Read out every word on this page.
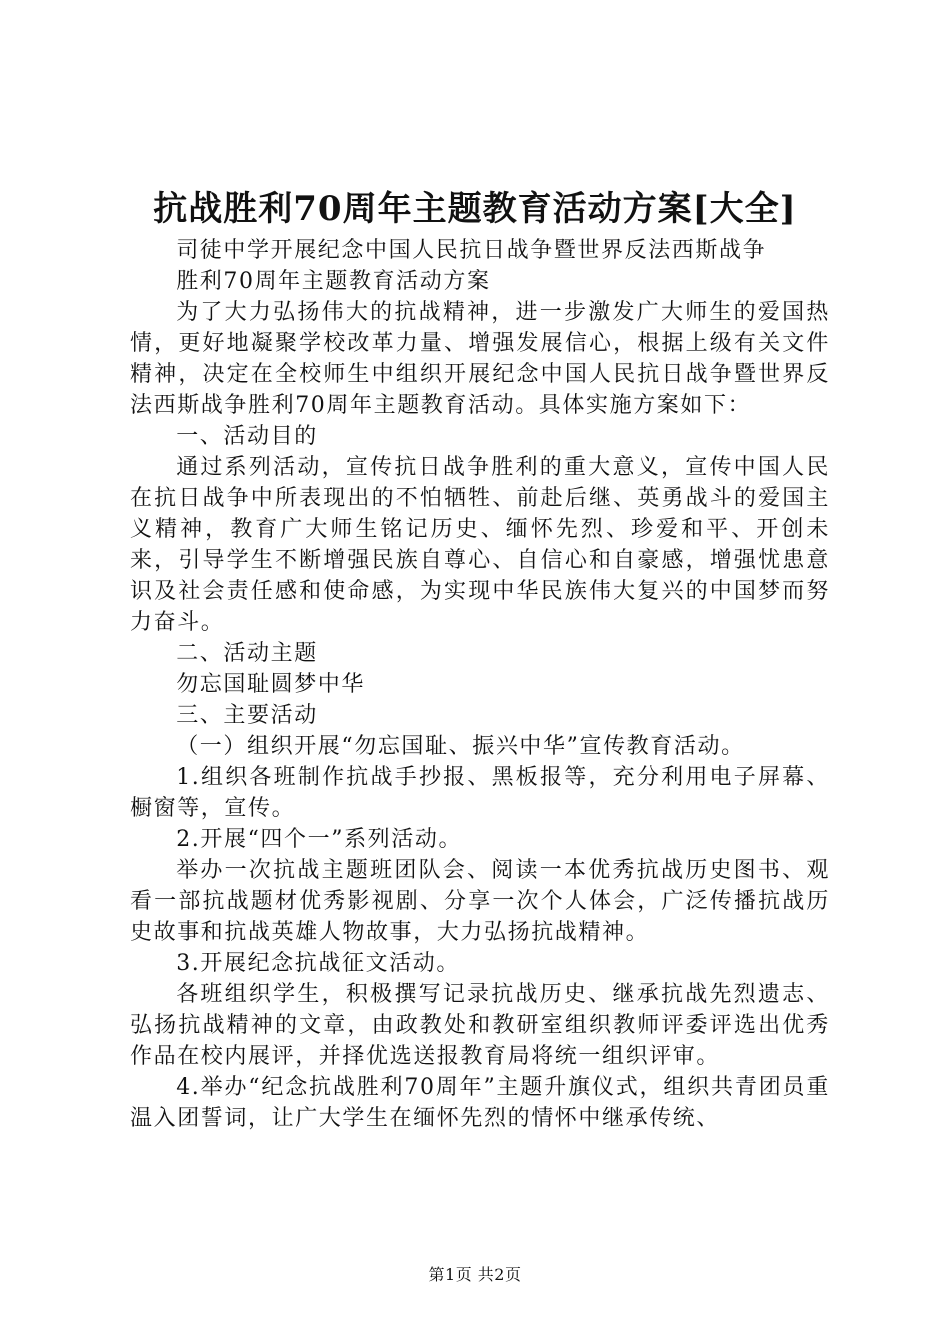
抗战胜利70周年主题教育活动方案[大全]

司徒中学开展纪念中国人民抗日战争暨世界反法西斯战争

胜利70周年主题教育活动方案

为了大力弘扬伟大的抗战精神，进一步激发广大师生的爱国热情，更好地凝聚学校改革力量、增强发展信心，根据上级有关文件精神，决定在全校师生中组织开展纪念中国人民抗日战争暨世界反法西斯战争胜利70周年主题教育活动。具体实施方案如下：

一、活动目的

通过系列活动，宣传抗日战争胜利的重大意义，宣传中国人民在抗日战争中所表现出的不怕牺牲、前赴后继、英勇战斗的爱国主义精神，教育广大师生铭记历史、缅怀先烈、珍爱和平、开创未来，引导学生不断增强民族自尊心、自信心和自豪感，增强忧患意识及社会责任感和使命感，为实现中华民族伟大复兴的中国梦而努力奋斗。

二、活动主题

勿忘国耻圆梦中华

三、主要活动

（一）组织开展“勿忘国耻、振兴中华”宣传教育活动。

1.组织各班制作抗战手抄报、黑板报等，充分利用电子屏幕、橱窗等，宣传。

2.开展“四个一”系列活动。

举办一次抗战主题班团队会、阅读一本优秀抗战历史图书、观看一部抗战题材优秀影视剧、分享一次个人体会，广泛传播抗战历史故事和抗战英雄人物故事，大力弘扬抗战精神。

3.开展纪念抗战征文活动。

各班组织学生，积极撰写记录抗战历史、继承抗战先烈遗志、弘扬抗战精神的文章，由政教处和教研室组织教师评委评选出优秀作品在校内展评，并择优选送报教育局将统一组织评审。

4.举办“纪念抗战胜利70周年”主题升旗仪式，组织共青团员重温入团誓词，让广大学生在缅怀先烈的情怀中继承传统、

第1页 共2页
